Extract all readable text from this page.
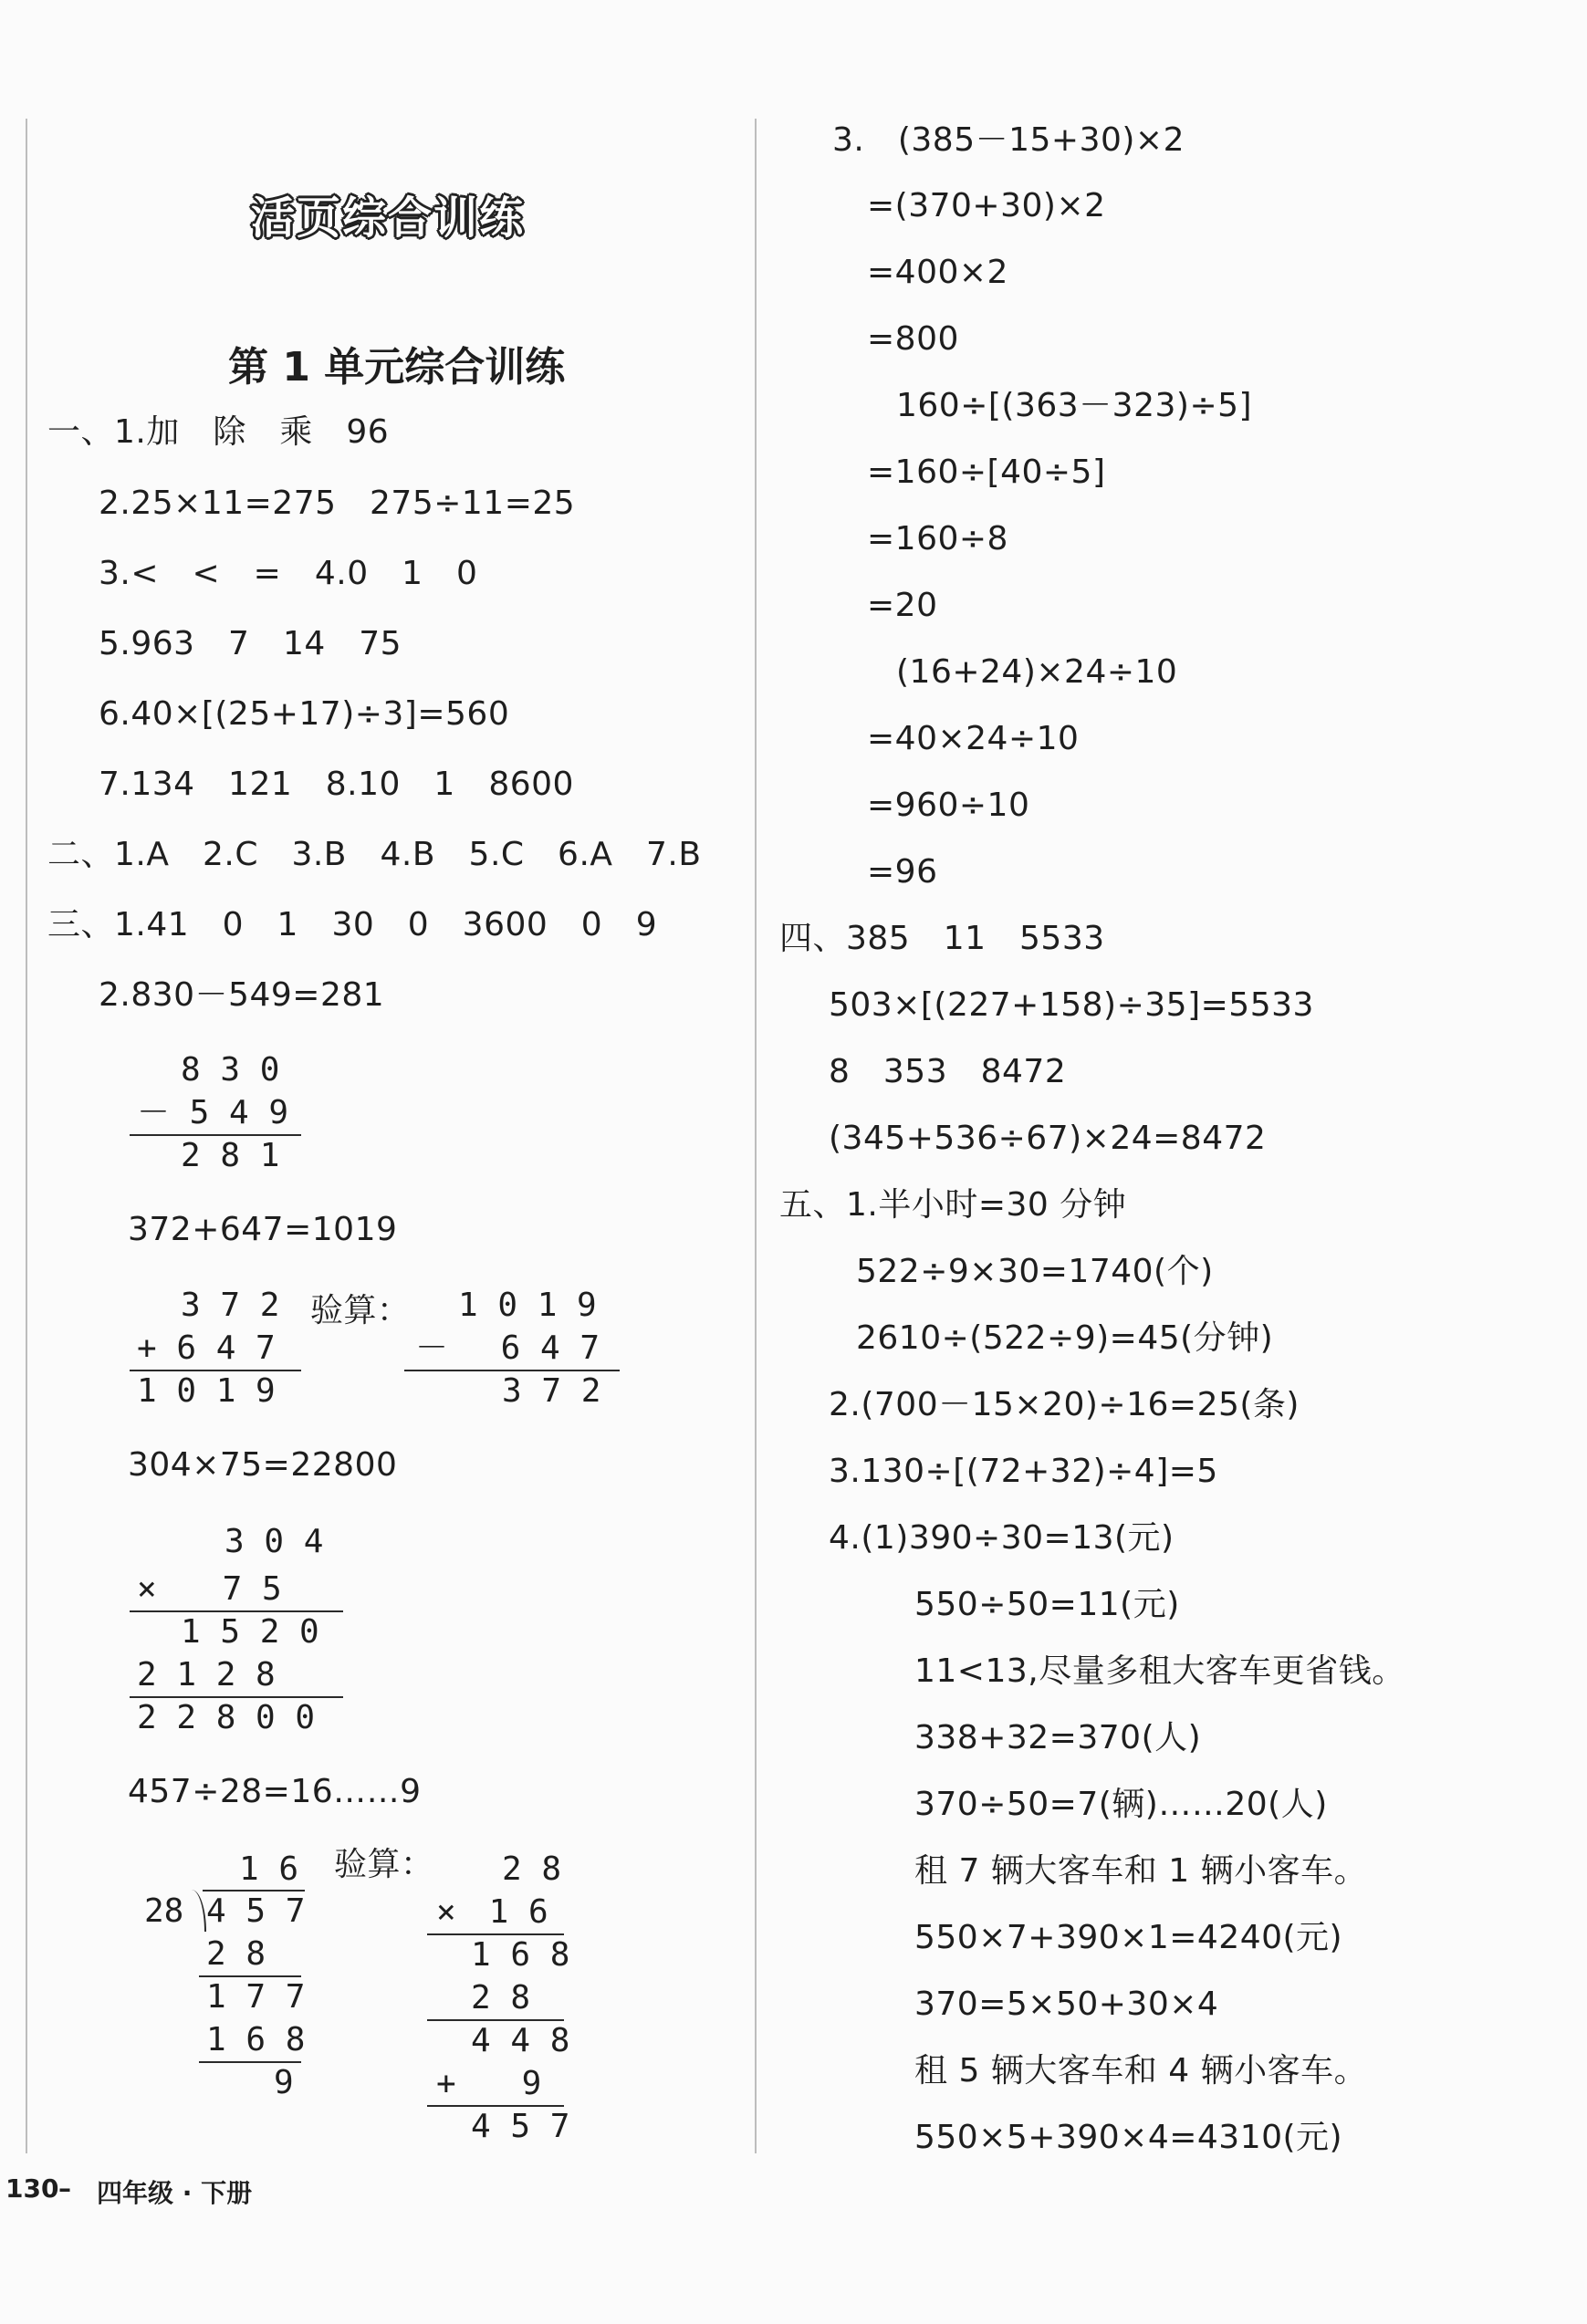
活页综合训练
第 1 单元综合训练
一、1.加　除　乘　96
2.25×11=275　275÷11=25
3.<　<　=　4.0　1　0
5.963　7　14　75
6.40×[(25+17)÷3]=560
7.134　121　8.10　1　8600
二、1.A　2.C　3.B　4.B　5.C　6.A　7.B
三、1.41　0　1　30　0　3600　0　9
2.830－549=281
8 3 0
－ 5 4 9
2 8 1
372+647=1019
3 7 2
+ 6 4 7
1 0 1 9
验算： 1 0 1 9
－　 6 4 7
3 7 2
304×75=22800
3 0 4
×　　7 5
1 5 2 0
2 1 2 8
2 2 8 0 0
457÷28=16……9
1 6
28 4 5 7
2 8
1 7 7
1 6 8
9
验算： 2 8
×　1 6
1 6 8
2 8
4 4 8
+　　9
4 5 7
3.　(385－15+30)×2
=(370+30)×2
=400×2
=800
160÷[(363－323)÷5]
=160÷[40÷5]
=160÷8
=20
(16+24)×24÷10
=40×24÷10
=960÷10
=96
四、385　11　5533
503×[(227+158)÷35]=5533
8　353　8472
(345+536÷67)×24=8472
五、1.半小时=30 分钟
522÷9×30=1740(个)
2610÷(522÷9)=45(分钟)
2.(700－15×20)÷16=25(条)
3.130÷[(72+32)÷4]=5
4.(1)390÷30=13(元)
550÷50=11(元)
11<13,尽量多租大客车更省钱。
338+32=370(人)
370÷50=7(辆)……20(人)
租 7 辆大客车和 1 辆小客车。
550×7+390×1=4240(元)
370=5×50+30×4
租 5 辆大客车和 4 辆小客车。
550×5+390×4=4310(元)
130 – 四年级 · 下册
